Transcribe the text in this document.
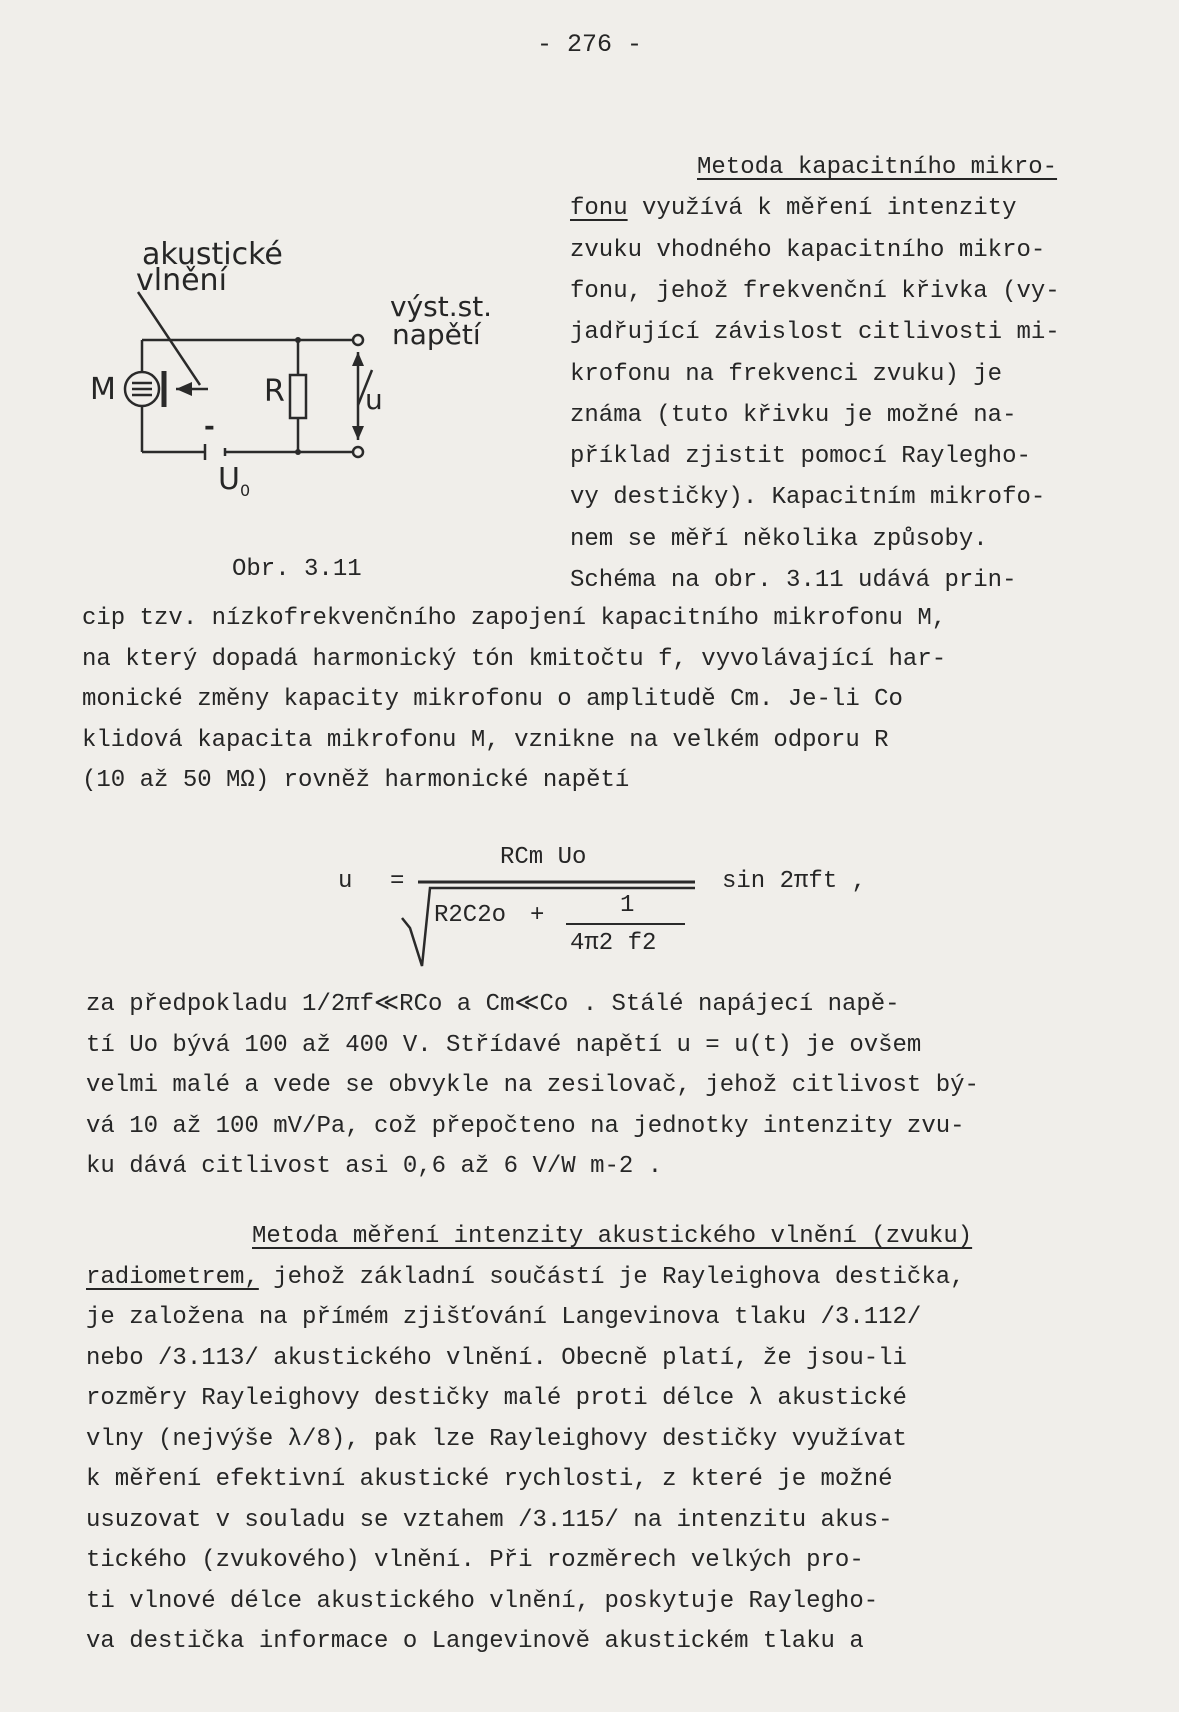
- 276 -
akustické
vlnění
výst.st.
napětí
M	R	u
-
$U_0$
Obr. 3.11
Metoda kapacitního mikro-
fonu využívá k měření intenzity
zvuku vhodného kapacitního mikro-
fonu, jehož frekvenční křivka (vy-
jadřující závislost citlivosti mi-
krofonu na frekvenci zvuku) je
známa (tuto křivku je možné na-
příklad zjistit pomocí Raylegho-
vy destičky). Kapacitním mikrofo-
nem se měří několika způsoby.
Schéma na obr. 3.11 udává prin-
cip tzv. nízkofrekvenčního zapojení kapacitního mikrofonu M,
na který dopadá harmonický tón kmitočtu f, vyvolávající har-
monické změny kapacity mikrofonu o amplitudě Cm. Je-li Co
klidová kapacita mikrofonu M, vznikne na velkém odporu R
(10 až 50 MΩ) rovněž harmonické napětí
u =
RCm Uo
R2C2o +	1
4π2 f2
sin 2πft ,
za předpokladu 1/2πf≪RCo a Cm≪Co . Stálé napájecí napě-
tí Uo bývá 100 až 400 V. Střídavé napětí u = u(t) je ovšem
velmi malé a vede se obvykle na zesilovač, jehož citlivost bý-
vá 10 až 100 mV/Pa, což přepočteno na jednotky intenzity zvu-
ku dává citlivost asi 0,6 až 6 V/W m-2 .
Metoda měření intenzity akustického vlnění (zvuku)
radiometrem, jehož základní součástí je Rayleighova destička,
je založena na přímém zjišťování Langevinova tlaku /3.112/
nebo /3.113/ akustického vlnění. Obecně platí, že jsou-li
rozměry Rayleighovy destičky malé proti délce λ akustické
vlny (nejvýše λ/8), pak lze Rayleighovy destičky využívat
k měření efektivní akustické rychlosti, z které je možné
usuzovat v souladu se vztahem /3.115/ na intenzitu akus-
tického (zvukového) vlnění. Při rozměrech velkých pro-
ti vlnové délce akustického vlnění, poskytuje Raylegho-
va destička informace o Langevinově akustickém tlaku a
